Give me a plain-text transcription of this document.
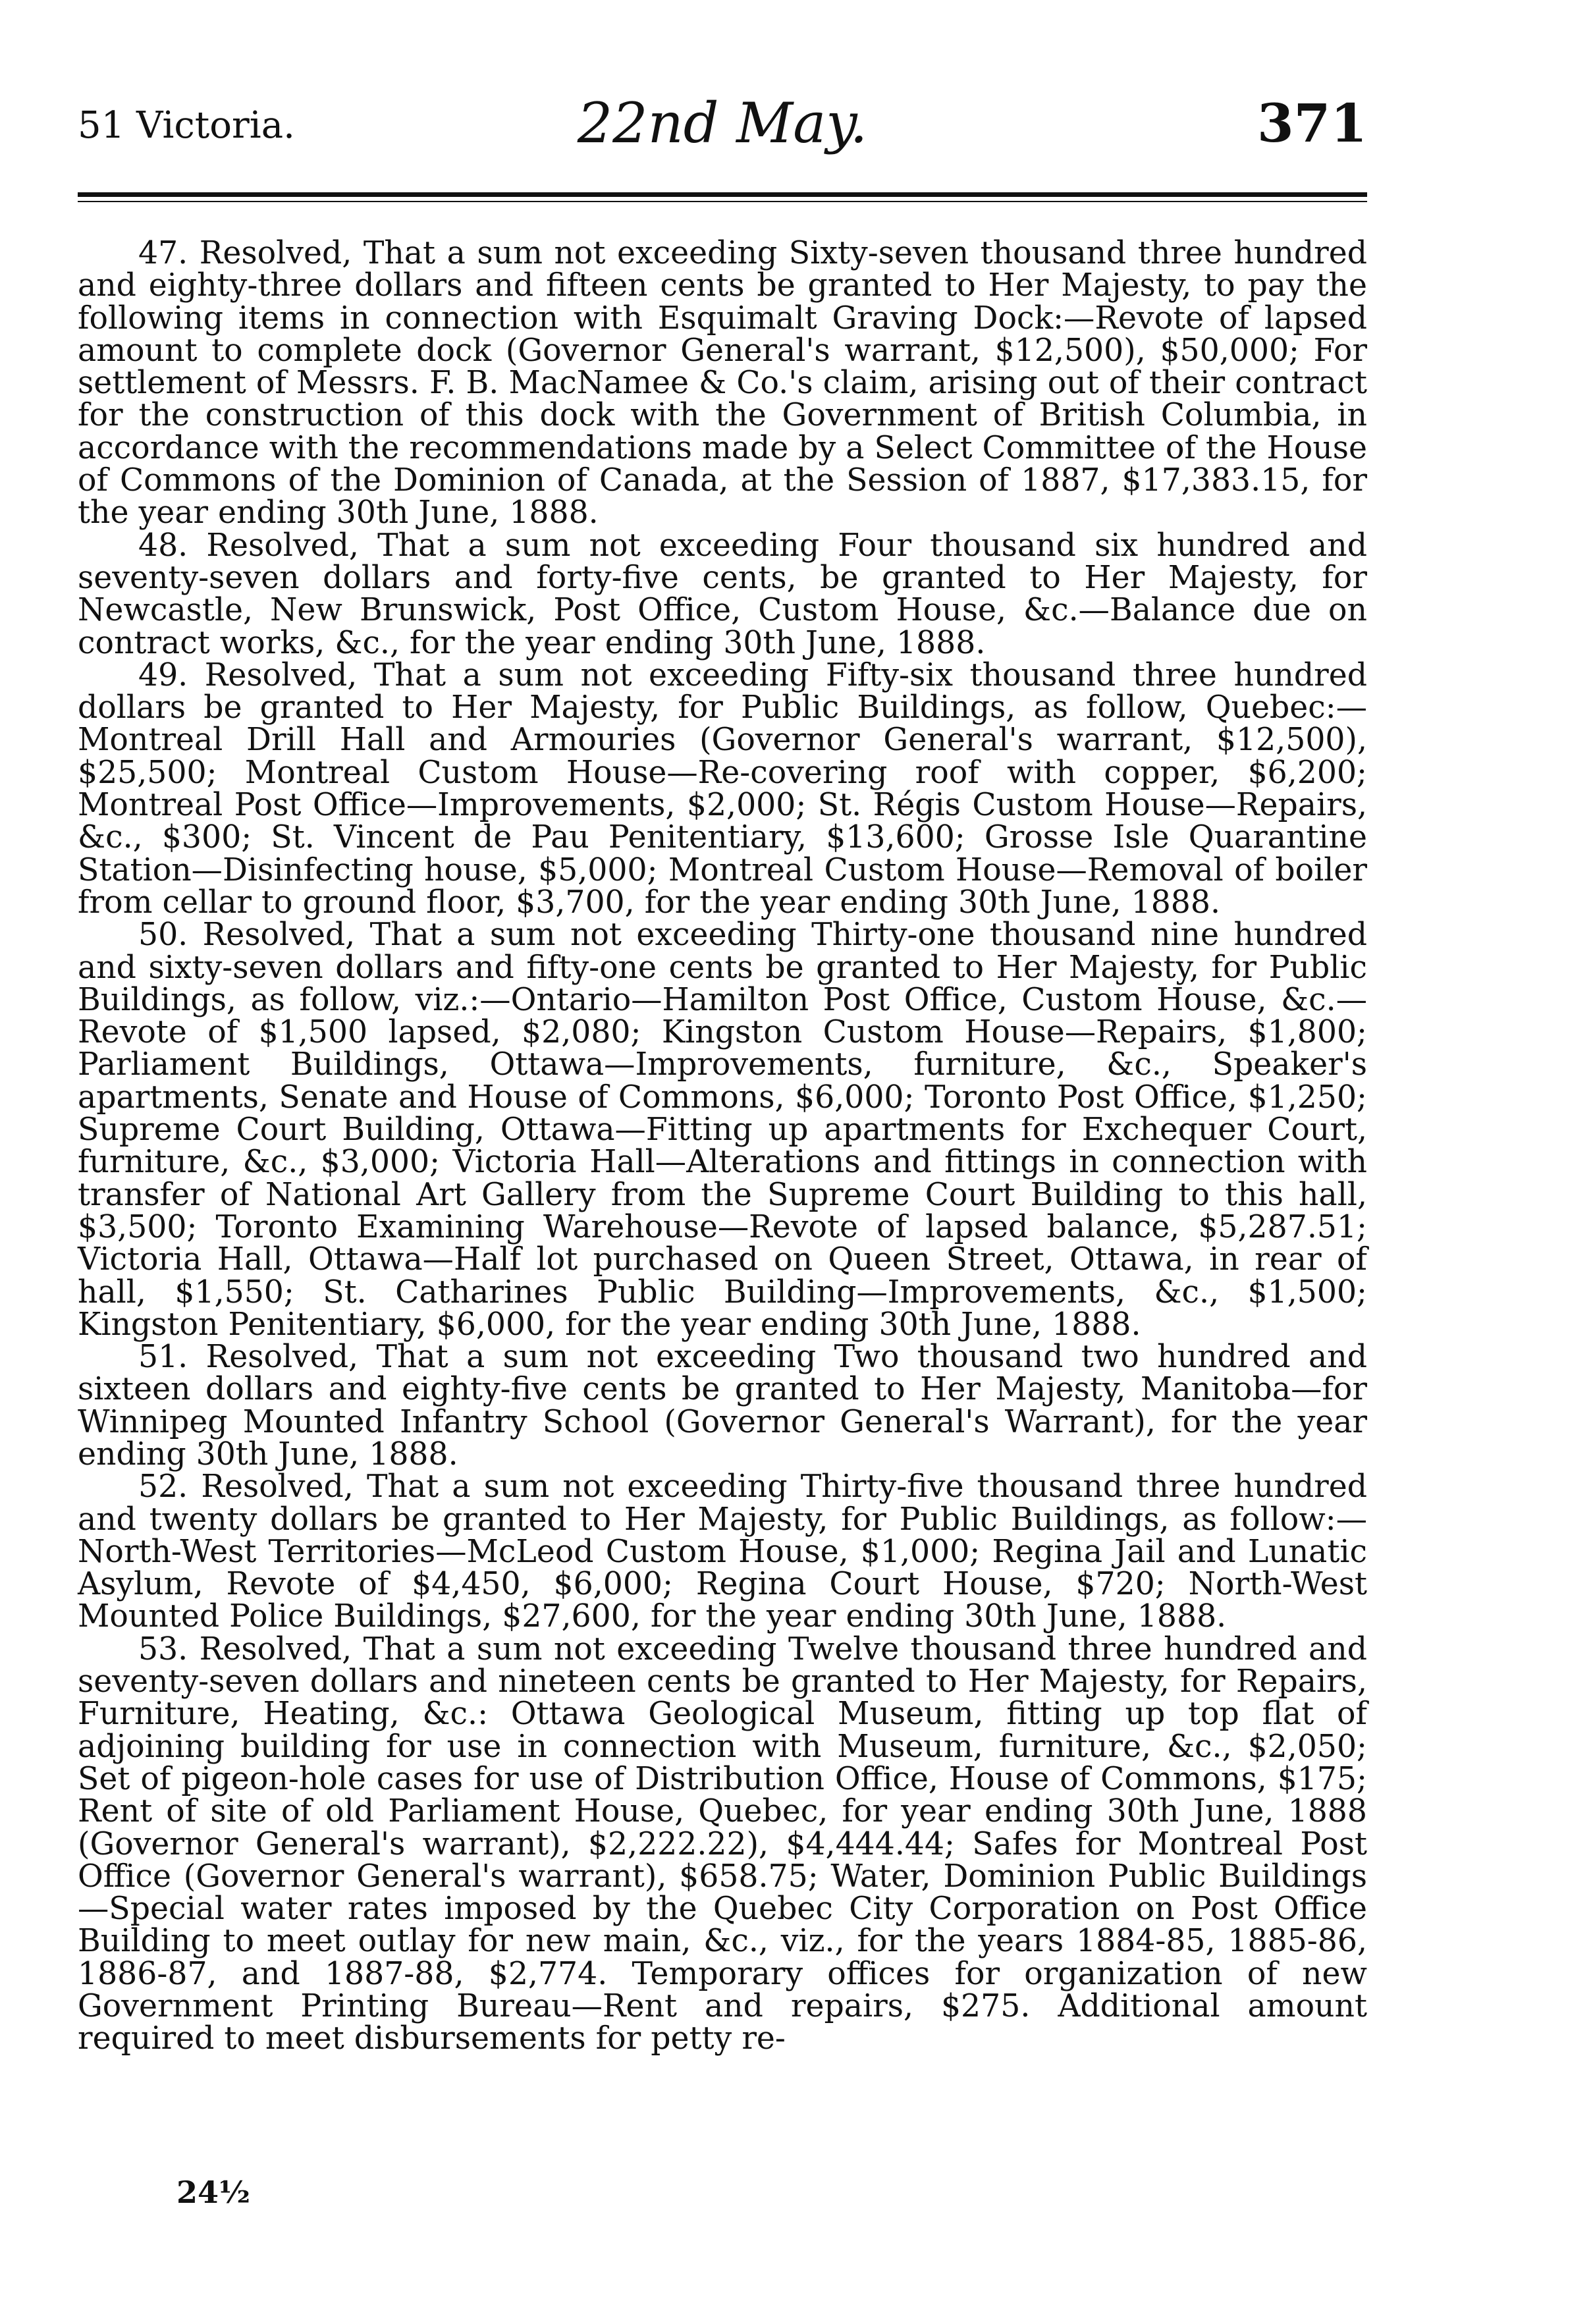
51 Victoria.	22nd May.	371

47. Resolved, That a sum not exceeding Sixty-seven thousand three hundred and eighty-three dollars and fifteen cents be granted to Her Majesty, to pay the following items in connection with Esquimalt Graving Dock:—Revote of lapsed amount to complete dock (Governor General's warrant, $12,500), $50,000; For settlement of Messrs. F. B. MacNamee & Co.'s claim, arising out of their contract for the construction of this dock with the Government of British Columbia, in accordance with the recommendations made by a Select Committee of the House of Commons of the Dominion of Canada, at the Session of 1887, $17,383.15, for the year ending 30th June, 1888.

48. Resolved, That a sum not exceeding Four thousand six hundred and seventy-seven dollars and forty-five cents, be granted to Her Majesty, for Newcastle, New Brunswick, Post Office, Custom House, &c.—Balance due on contract works, &c., for the year ending 30th June, 1888.

49. Resolved, That a sum not exceeding Fifty-six thousand three hundred dollars be granted to Her Majesty, for Public Buildings, as follow, Quebec:—Montreal Drill Hall and Armouries (Governor General's warrant, $12,500), $25,500; Montreal Custom House—Re-covering roof with copper, $6,200; Montreal Post Office—Improvements, $2,000; St. Régis Custom House—Repairs, &c., $300; St. Vincent de Pau Penitentiary, $13,600; Grosse Isle Quarantine Station—Disinfecting house, $5,000; Montreal Custom House—Removal of boiler from cellar to ground floor, $3,700, for the year ending 30th June, 1888.

50. Resolved, That a sum not exceeding Thirty-one thousand nine hundred and sixty-seven dollars and fifty-one cents be granted to Her Majesty, for Public Buildings, as follow, viz.:—Ontario—Hamilton Post Office, Custom House, &c.—Revote of $1,500 lapsed, $2,080; Kingston Custom House—Repairs, $1,800; Parliament Buildings, Ottawa—Improvements, furniture, &c., Speaker's apartments, Senate and House of Commons, $6,000; Toronto Post Office, $1,250; Supreme Court Building, Ottawa—Fitting up apartments for Exchequer Court, furniture, &c., $3,000; Victoria Hall—Alterations and fittings in connection with transfer of National Art Gallery from the Supreme Court Building to this hall, $3,500; Toronto Examining Warehouse—Revote of lapsed balance, $5,287.51; Victoria Hall, Ottawa—Half lot purchased on Queen Street, Ottawa, in rear of hall, $1,550; St. Catharines Public Building—Improvements, &c., $1,500; Kingston Penitentiary, $6,000, for the year ending 30th June, 1888.

51. Resolved, That a sum not exceeding Two thousand two hundred and sixteen dollars and eighty-five cents be granted to Her Majesty, Manitoba—for Winnipeg Mounted Infantry School (Governor General's Warrant), for the year ending 30th June, 1888.

52. Resolved, That a sum not exceeding Thirty-five thousand three hundred and twenty dollars be granted to Her Majesty, for Public Buildings, as follow:—North-West Territories—McLeod Custom House, $1,000; Regina Jail and Lunatic Asylum, Revote of $4,450, $6,000; Regina Court House, $720; North-West Mounted Police Buildings, $27,600, for the year ending 30th June, 1888.

53. Resolved, That a sum not exceeding Twelve thousand three hundred and seventy-seven dollars and nineteen cents be granted to Her Majesty, for Repairs, Furniture, Heating, &c.: Ottawa Geological Museum, fitting up top flat of adjoining building for use in connection with Museum, furniture, &c., $2,050; Set of pigeon-hole cases for use of Distribution Office, House of Commons, $175; Rent of site of old Parliament House, Quebec, for year ending 30th June, 1888 (Governor General's warrant), $2,222.22), $4,444.44; Safes for Montreal Post Office (Governor General's warrant), $658.75; Water, Dominion Public Buildings—Special water rates imposed by the Quebec City Corporation on Post Office Building to meet outlay for new main, &c., viz., for the years 1884-85, 1885-86, 1886-87, and 1887-88, $2,774. Temporary offices for organization of new Government Printing Bureau—Rent and repairs, $275. Additional amount required to meet disbursements for petty re-

24½
